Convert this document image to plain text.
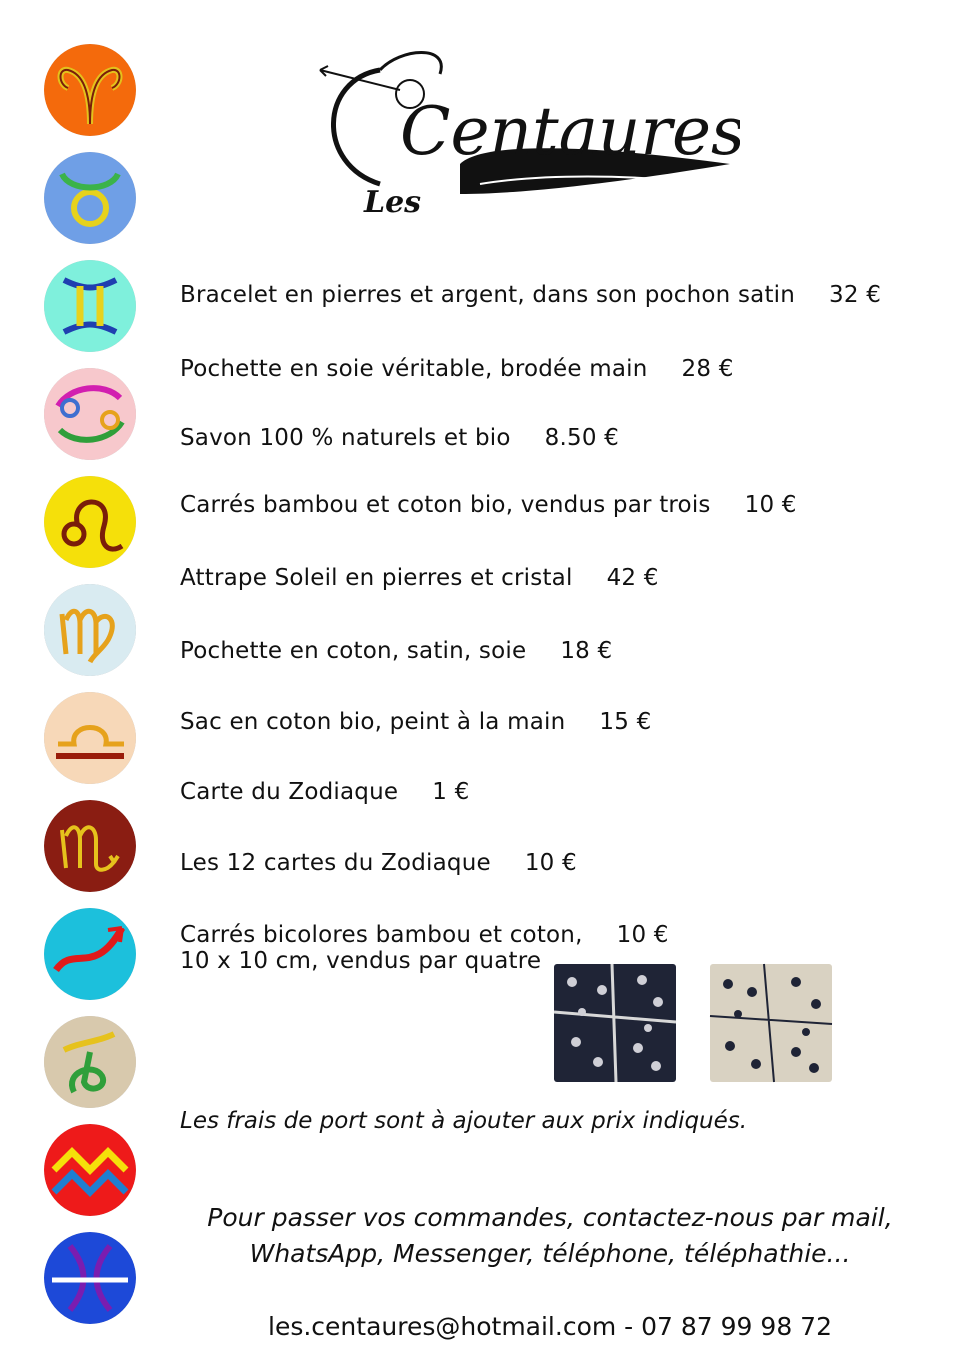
Centaures
Les
Bracelet en pierres et argent, dans son pochon satin 32 €
Pochette en soie véritable, brodée main 28 €
Savon 100 % naturels et bio 8.50 €
Carrés bambou et coton bio, vendus par trois 10 €
Attrape Soleil en pierres et cristal 42 €
Pochette en coton, satin, soie 18 €
Sac en coton bio, peint à la main 15 €
Carte du Zodiaque 1 €
Les 12 cartes du Zodiaque 10 €
Carrés bicolores bambou et coton, 10 €
10 x 10 cm, vendus par quatre
Les frais de port sont à ajouter aux prix indiqués.
Pour passer vos commandes, contactez-nous par mail,
WhatsApp, Messenger, téléphone, téléphathie...
les.centaures@hotmail.com - 07 87 99 98 72
